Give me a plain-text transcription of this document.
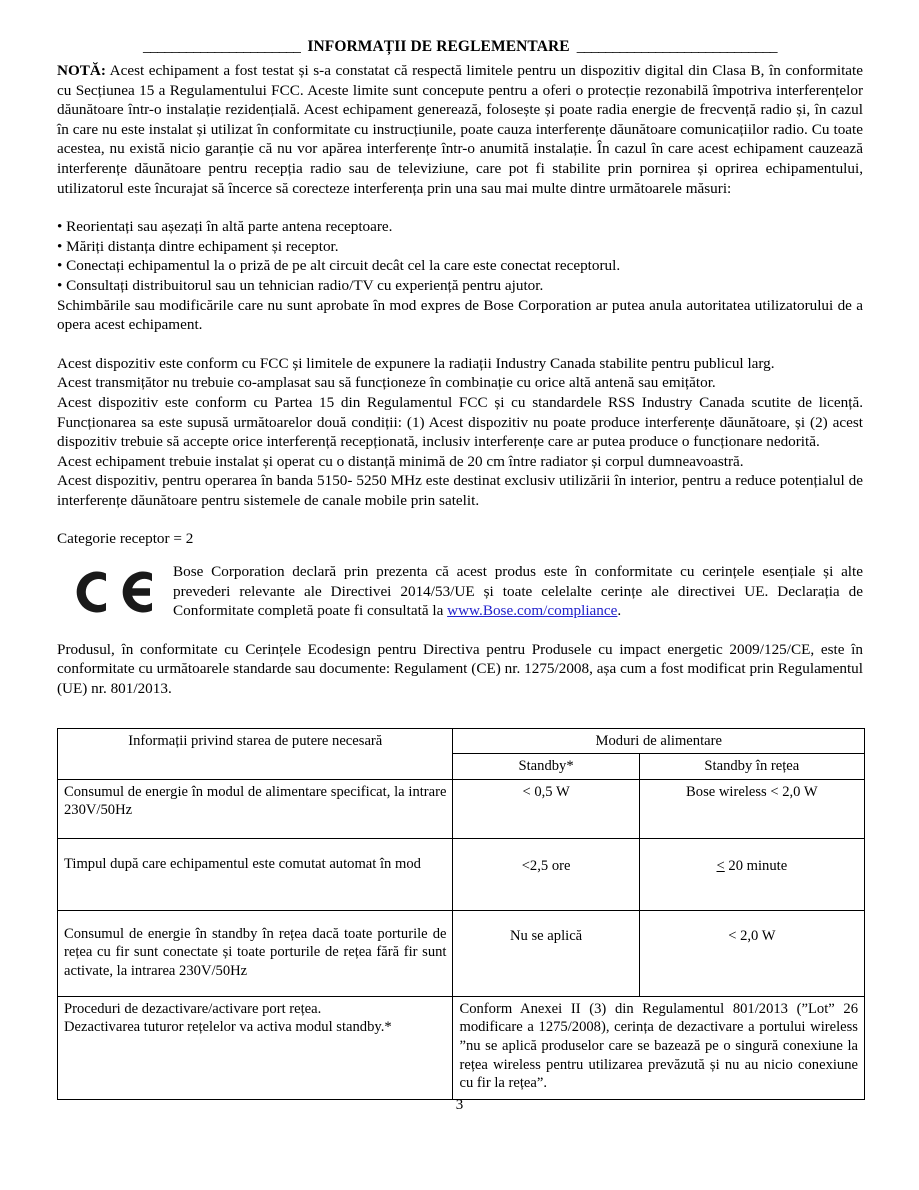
______________________ INFORMAȚII DE REGLEMENTARE ____________________________

NOTĂ: Acest echipament a fost testat și s-a constatat că respectă limitele pentru un dispozitiv digital din Clasa B, în conformitate cu Secțiunea 15 a Regulamentului FCC. Aceste limite sunt concepute pentru a oferi o protecție rezonabilă împotriva interferențelor dăunătoare într-o instalație rezidențială. Acest echipament generează, folosește și poate radia energie de frecvență radio și, în cazul în care nu este instalat și utilizat în conformitate cu instrucțiunile, poate cauza interferențe dăunătoare comunicațiilor radio. Cu toate acestea, nu există nicio garanție că nu vor apărea interferențe într-o anumită instalație. În cazul în care acest echipament cauzează interferențe dăunătoare pentru recepția radio sau de televiziune, care pot fi stabilite prin pornirea și oprirea echipamentului, utilizatorul este încurajat să încerce să corecteze interferența prin una sau mai multe dintre următoarele măsuri:

• Reorientați sau așezați în altă parte antena receptoare.
• Măriți distanța dintre echipament și receptor.
• Conectați echipamentul la o priză de pe alt circuit decât cel la care este conectat receptorul.
• Consultați distribuitorul sau un tehnician radio/TV cu experiență pentru ajutor.

Schimbările sau modificările care nu sunt aprobate în mod expres de Bose Corporation ar putea anula autoritatea utilizatorului de a opera acest echipament.

Acest dispozitiv este conform cu FCC și limitele de expunere la radiații Industry Canada stabilite pentru publicul larg.
Acest transmițător nu trebuie co-amplasat sau să funcționeze în combinație cu orice altă antenă sau emițător.

Acest dispozitiv este conform cu Partea 15 din Regulamentul FCC și cu standardele RSS Industry Canada scutite de licență. Funcționarea sa este supusă următoarelor două condiții: (1) Acest dispozitiv nu poate produce interferențe dăunătoare, și (2) acest dispozitiv trebuie să accepte orice interferență recepționată, inclusiv interferențe care ar putea produce o funcționare nedorită.

Acest echipament trebuie instalat și operat cu o distanță minimă de 20 cm între radiator și corpul dumneavoastră.

Acest dispozitiv, pentru operarea în banda 5150- 5250 MHz este destinat exclusiv utilizării în interior, pentru a reduce potențialul de interferențe dăunătoare pentru sistemele de canale mobile prin satelit.

Categorie receptor = 2
Bose Corporation declară prin prezenta că acest produs este în conformitate cu cerințele esențiale și alte prevederi relevante ale Directivei 2014/53/UE și toate celelalte cerințe ale directivei UE. Declarația de Conformitate completă poate fi consultată la www.Bose.com/compliance.

Produsul, în conformitate cu Cerințele Ecodesign pentru Directiva pentru Produsele cu impact energetic 2009/125/CE, este în conformitate cu următoarele standarde sau documente: Regulament (CE) nr. 1275/2008, așa cum a fost modificat prin Regulamentul (UE) nr. 801/2013.

Informații privind starea de putere necesară	Moduri de alimentare	
	Standby*	Standby în rețea
Consumul de energie în modul de alimentare specificat, la intrare 230V/50Hz	< 0,5 W	Bose wireless < 2,0 W
Timpul după care echipamentul este comutat automat în mod	<2,5 ore	≤ 20 minute
Consumul de energie în standby în rețea dacă toate porturile de rețea cu fir sunt conectate și toate porturile de rețea fără fir sunt activate, la intrarea 230V/50Hz	Nu se aplică	< 2,0 W

Proceduri de dezactivare/activare port rețea.
Dezactivarea tuturor rețelelor va activa modul standby.*	Conform Anexei II (3) din Regulamentul 801/2013 (”Lot” 26 modificare a 1275/2008), cerința de dezactivare a portului wireless ”nu se aplică produselor care se bazează pe o singură conexiune la rețea wireless pentru utilizarea prevăzută și nu au nicio conexiune cu fir la rețea”.	
3
